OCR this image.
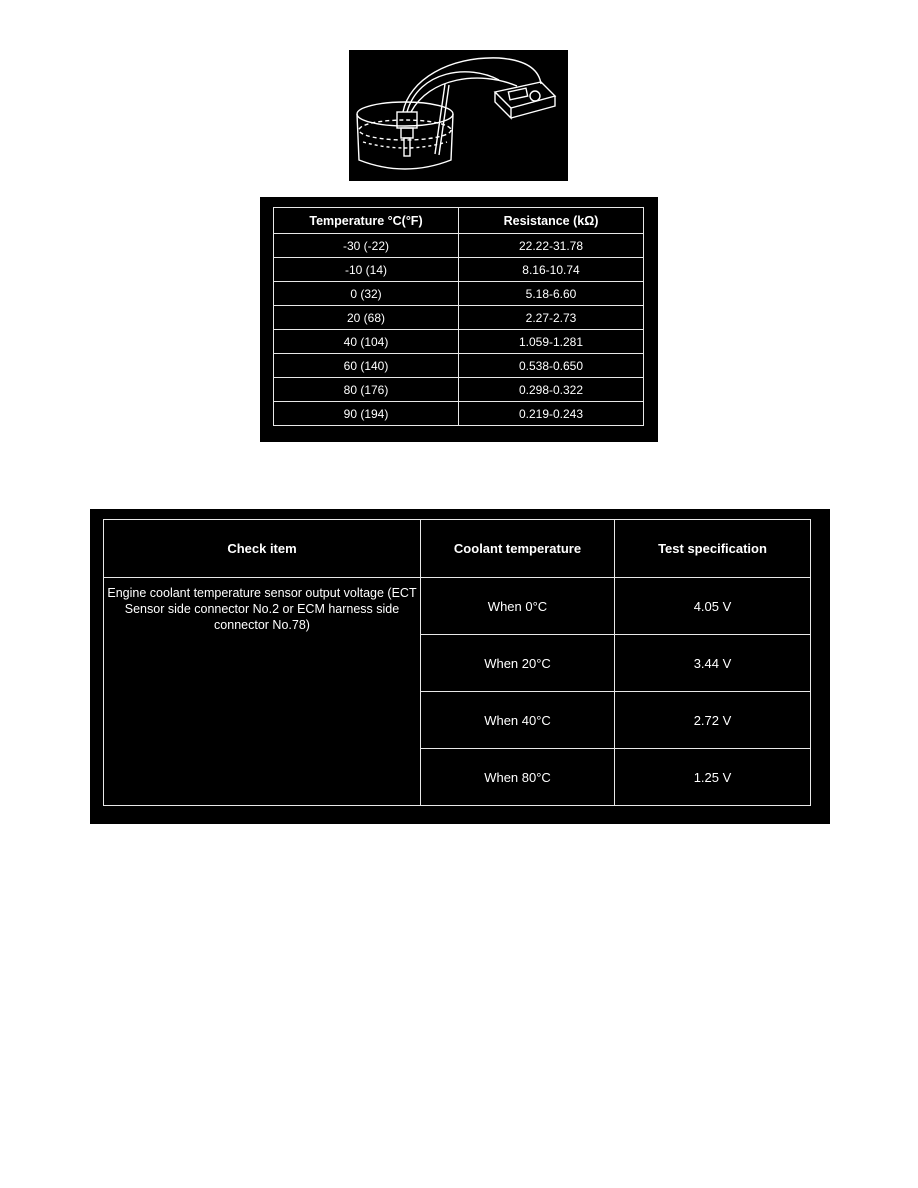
Temperature °C(°F)	Resistance (kΩ)
-30 (-22)	22.22-31.78
-10 (14)	8.16-10.74
0 (32)	5.18-6.60
20 (68)	2.27-2.73
40 (104)	1.059-1.281
60 (140)	0.538-0.650
80 (176)	0.298-0.322
90 (194)	0.219-0.243
Check item	Coolant temperature	Test specification
Engine coolant temperature sensor output voltage (ECT Sensor side connector No.2 or ECM harness side connector No.78)	When 0°C	4.05 V
	When 20°C	3.44 V
	When 40°C	2.72 V
	When 80°C	1.25 V
